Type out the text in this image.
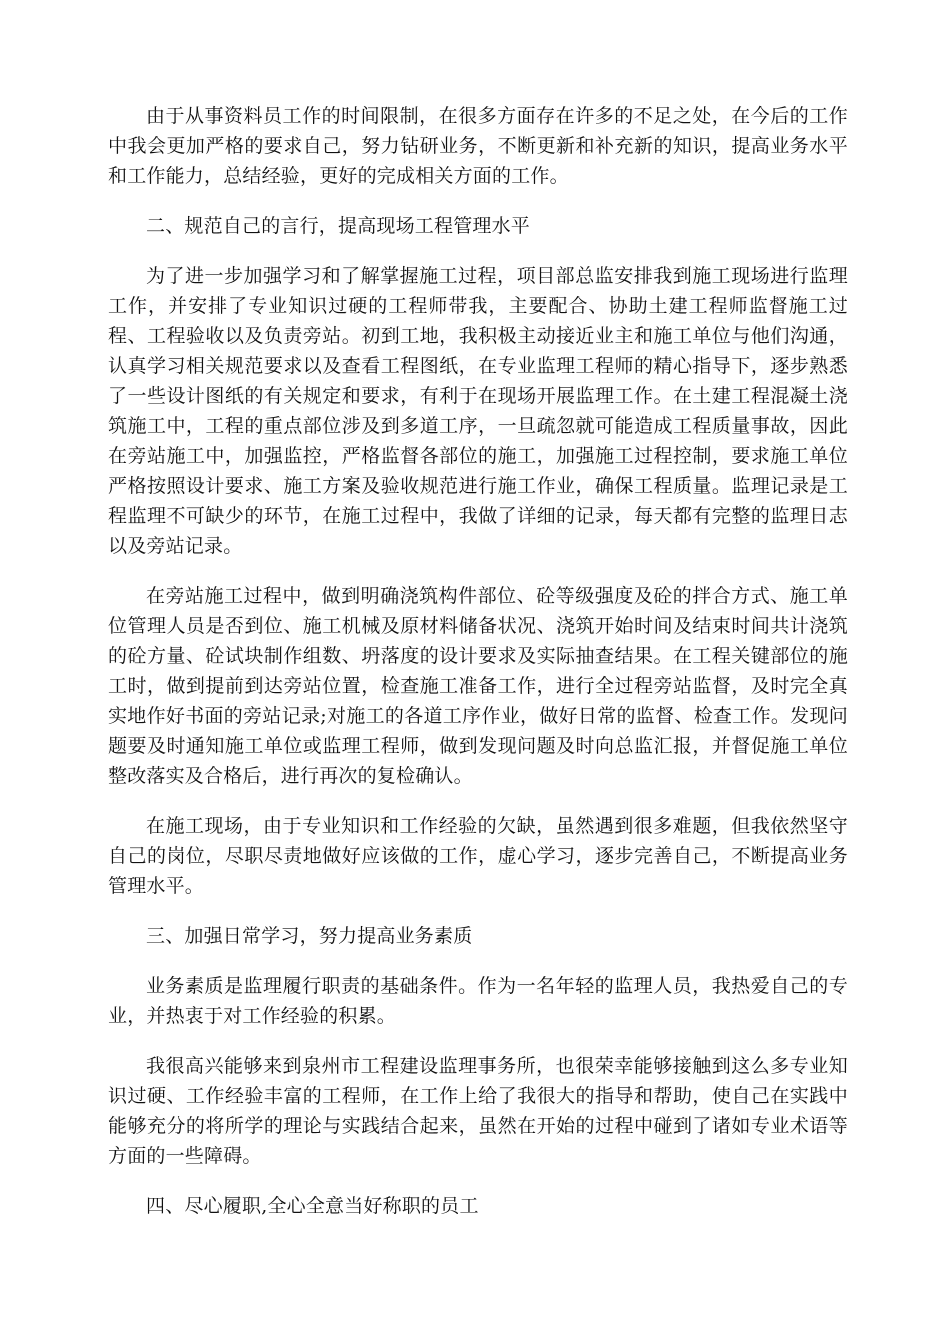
由于从事资料员工作的时间限制，在很多方面存在许多的不足之处，在今后的工作中我会更加严格的要求自己，努力钻研业务，不断更新和补充新的知识，提高业务水平和工作能力，总结经验，更好的完成相关方面的工作。

二、规范自己的言行，提高现场工程管理水平

为了进一步加强学习和了解掌握施工过程，项目部总监安排我到施工现场进行监理工作，并安排了专业知识过硬的工程师带我，主要配合、协助土建工程师监督施工过程、工程验收以及负责旁站。初到工地，我积极主动接近业主和施工单位与他们沟通，认真学习相关规范要求以及查看工程图纸，在专业监理工程师的精心指导下，逐步熟悉了一些设计图纸的有关规定和要求，有利于在现场开展监理工作。在土建工程混凝土浇筑施工中，工程的重点部位涉及到多道工序，一旦疏忽就可能造成工程质量事故，因此在旁站施工中，加强监控，严格监督各部位的施工，加强施工过程控制，要求施工单位严格按照设计要求、施工方案及验收规范进行施工作业，确保工程质量。监理记录是工程监理不可缺少的环节，在施工过程中，我做了详细的记录，每天都有完整的监理日志以及旁站记录。

在旁站施工过程中，做到明确浇筑构件部位、砼等级强度及砼的拌合方式、施工单位管理人员是否到位、施工机械及原材料储备状况、浇筑开始时间及结束时间共计浇筑的砼方量、砼试块制作组数、坍落度的设计要求及实际抽查结果。在工程关键部位的施工时，做到提前到达旁站位置，检查施工准备工作，进行全过程旁站监督，及时完全真实地作好书面的旁站记录;对施工的各道工序作业，做好日常的监督、检查工作。发现问题要及时通知施工单位或监理工程师，做到发现问题及时向总监汇报，并督促施工单位整改落实及合格后，进行再次的复检确认。

在施工现场，由于专业知识和工作经验的欠缺，虽然遇到很多难题，但我依然坚守自己的岗位，尽职尽责地做好应该做的工作，虚心学习，逐步完善自己，不断提高业务管理水平。

三、加强日常学习，努力提高业务素质

业务素质是监理履行职责的基础条件。作为一名年轻的监理人员，我热爱自己的专业，并热衷于对工作经验的积累。

我很高兴能够来到泉州市工程建设监理事务所，也很荣幸能够接触到这么多专业知识过硬、工作经验丰富的工程师，在工作上给了我很大的指导和帮助，使自己在实践中能够充分的将所学的理论与实践结合起来，虽然在开始的过程中碰到了诸如专业术语等方面的一些障碍。

四、尽心履职,全心全意当好称职的员工
